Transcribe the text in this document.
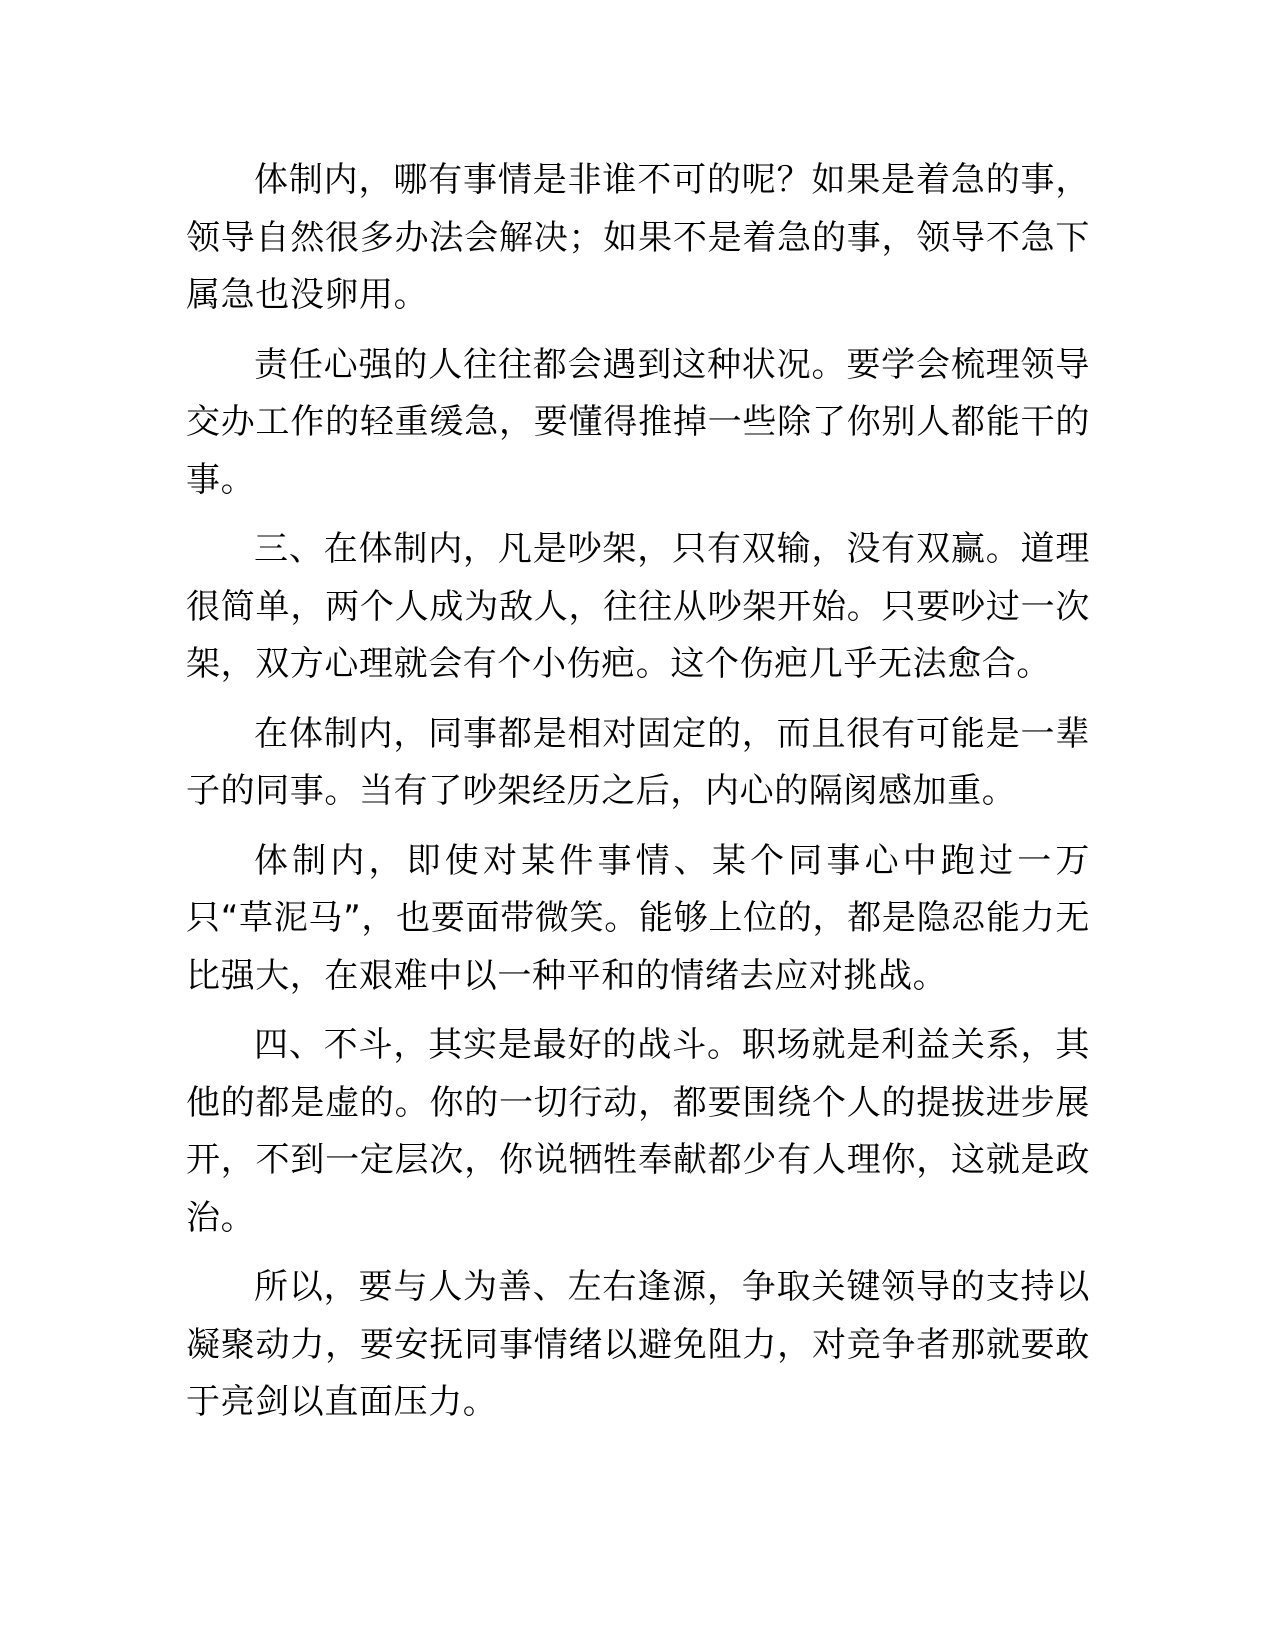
体制内，哪有事情是非谁不可的呢？如果是着急的事，领导自然很多办法会解决；如果不是着急的事，领导不急下属急也没卵用。

责任心强的人往往都会遇到这种状况。要学会梳理领导交办工作的轻重缓急，要懂得推掉一些除了你别人都能干的事。

三、在体制内，凡是吵架，只有双输，没有双赢。道理很简单，两个人成为敌人，往往从吵架开始。只要吵过一次架，双方心理就会有个小伤疤。这个伤疤几乎无法愈合。

在体制内，同事都是相对固定的，而且很有可能是一辈子的同事。当有了吵架经历之后，内心的隔阂感加重。

体制内，即使对某件事情、某个同事心中跑过一万只“草泥马”，也要面带微笑。能够上位的，都是隐忍能力无比强大，在艰难中以一种平和的情绪去应对挑战。

四、不斗，其实是最好的战斗。职场就是利益关系，其他的都是虚的。你的一切行动，都要围绕个人的提拔进步展开，不到一定层次，你说牺牲奉献都少有人理你，这就是政治。

所以，要与人为善、左右逢源，争取关键领导的支持以凝聚动力，要安抚同事情绪以避免阻力，对竞争者那就要敢于亮剑以直面压力。
